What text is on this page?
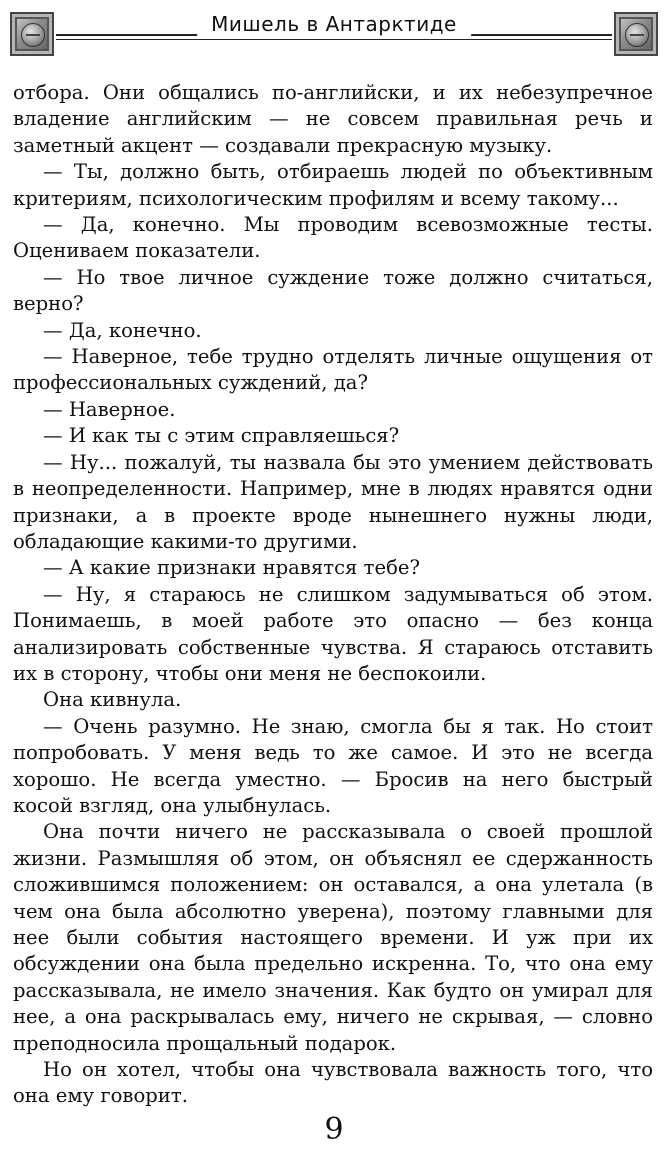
Мишель в Антарктиде

отбора. Они общались по-английски, и их небезупречное владение английским — не совсем правильная речь и заметный акцент — создавали прекрасную музыку.

— Ты, должно быть, отбираешь людей по объективным критериям, психологическим профилям и всему такому...

— Да, конечно. Мы проводим всевозможные тесты. Оцениваем показатели.

— Но твое личное суждение тоже должно считаться, верно?

— Да, конечно.

— Наверное, тебе трудно отделять личные ощущения от профессиональных суждений, да?

— Наверное.

— И как ты с этим справляешься?

— Ну... пожалуй, ты назвала бы это умением действовать в неопределенности. Например, мне в людях нравятся одни признаки, а в проекте вроде нынешнего нужны люди, обладающие какими-то другими.

— А какие признаки нравятся тебе?

— Ну, я стараюсь не слишком задумываться об этом. Понимаешь, в моей работе это опасно — без конца анализировать собственные чувства. Я стараюсь отставить их в сторону, чтобы они меня не беспокоили.

Она кивнула.

— Очень разумно. Не знаю, смогла бы я так. Но стоит попробовать. У меня ведь то же самое. И это не всегда хорошо. Не всегда уместно. — Бросив на него быстрый косой взгляд, она улыбнулась.

Она почти ничего не рассказывала о своей прошлой жизни. Размышляя об этом, он объяснял ее сдержанность сложившимся положением: он оставался, а она улетала (в чем она была абсолютно уверена), поэтому главными для нее были события настоящего времени. И уж при их обсуждении она была предельно искренна. То, что она ему рассказывала, не имело значения. Как будто он умирал для нее, а она раскрывалась ему, ничего не скрывая, — словно преподносила прощальный подарок.

Но он хотел, чтобы она чувствовала важность того, что она ему говорит.

9
